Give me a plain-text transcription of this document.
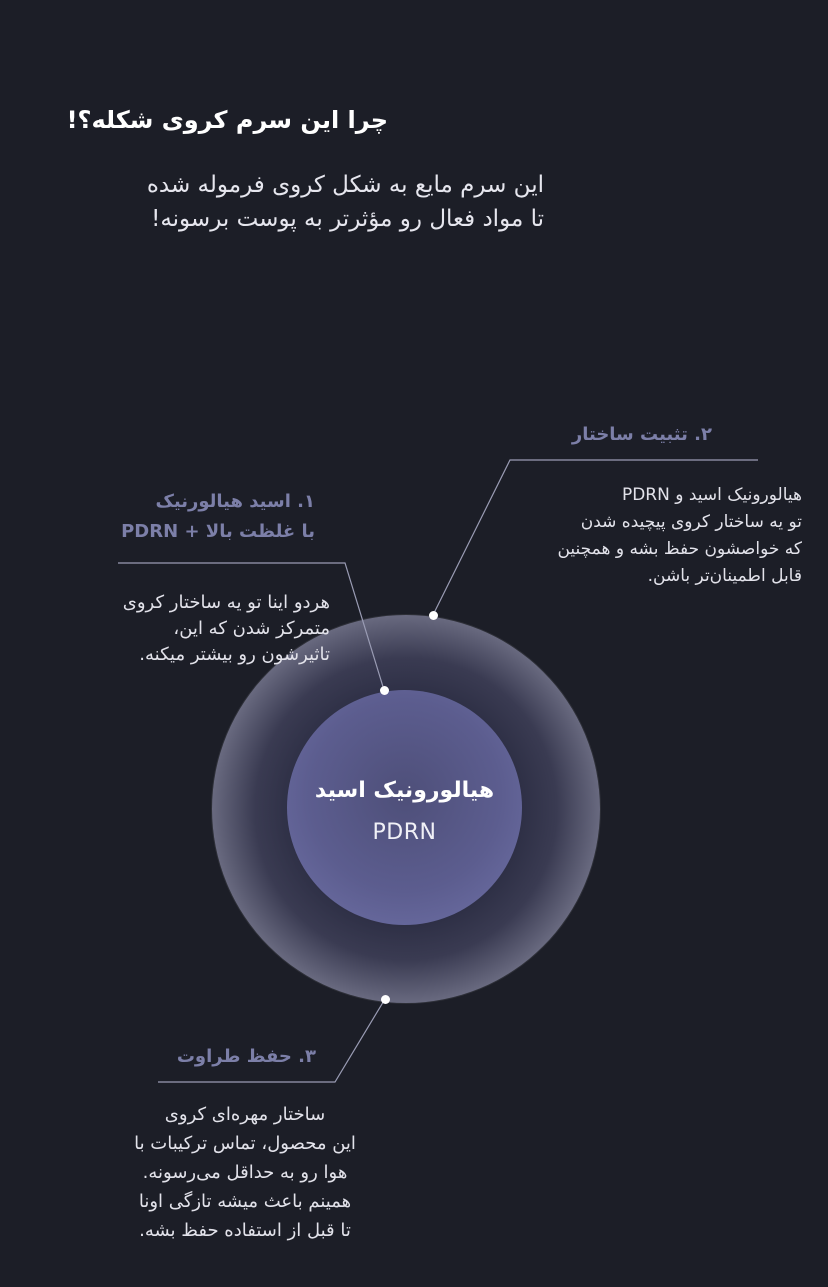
چرا این سرم کروی شکله؟!
این سرم مایع به شکل کروی فرموله شده
تا مواد فعال رو مؤثرتر به پوست برسونه!
هیالورونیک اسید
PDRN
۱. اسید هیالورنیک
با غلظت بالا + PDRN
هردو اینا تو یه ساختار کروی
متمرکز شدن که این،
تاثیرشون رو بیشتر میکنه.
۲. تثبیت ساختار
هیالورونیک اسید و PDRN
تو یه ساختار کروی پیچیده شدن
که خواصشون حفظ بشه و همچنین
قابل اطمینان‌تر باشن.
۳. حفظ طراوت
ساختار مهره‌ای کروی
این محصول، تماس ترکیبات با
هوا رو به حداقل می‌رسونه.
همینم باعث میشه تازگی اونا
تا قبل از استفاده حفظ بشه.
